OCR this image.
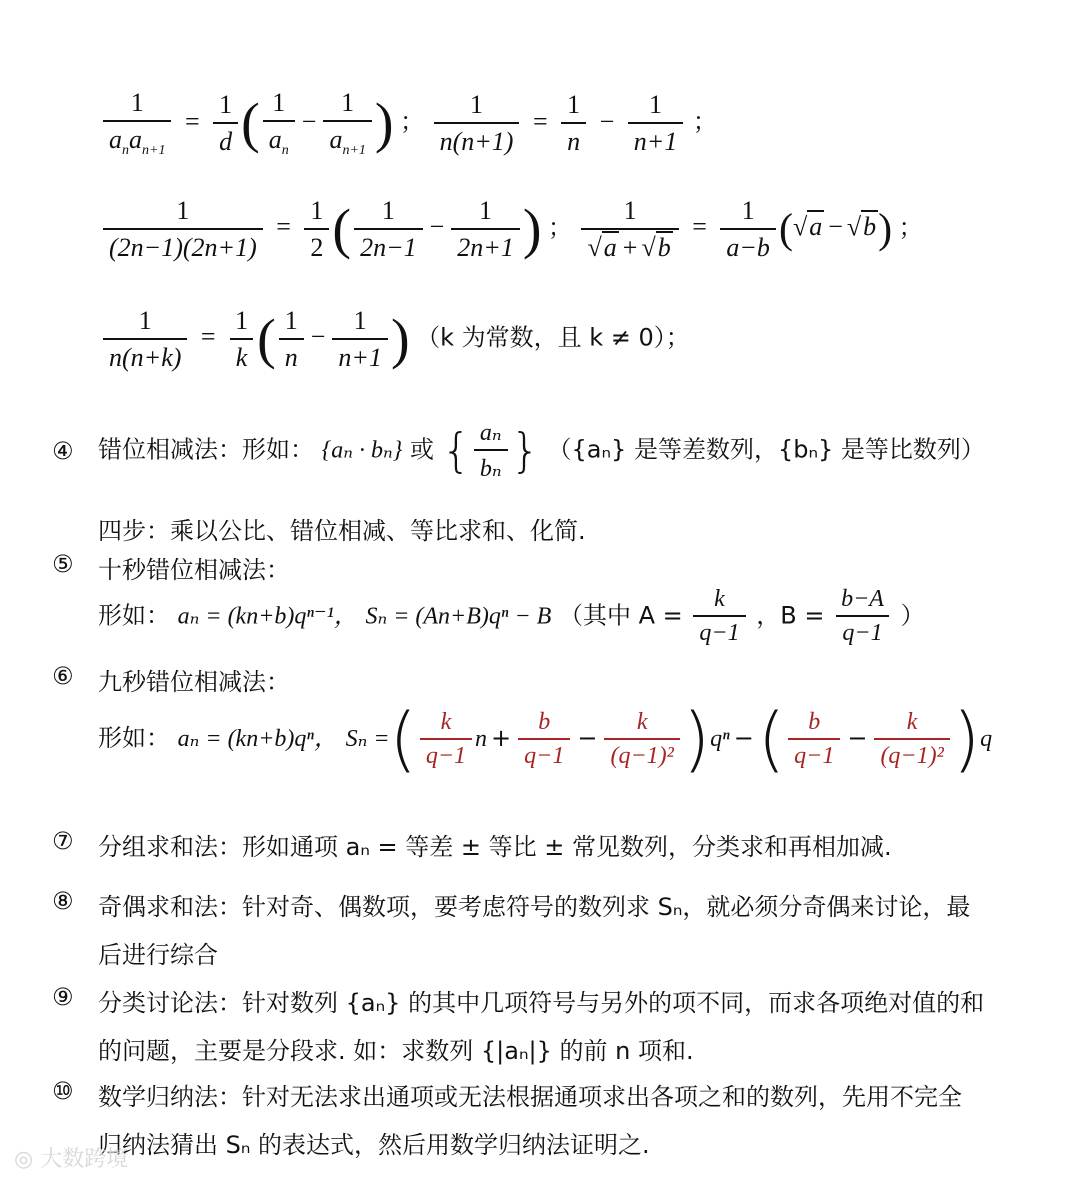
$\frac{1}{a_na_{n+1}} = \frac{1}{d}$ ( $\frac{1}{a_n} - \frac{1}{a_{n+1}}$ ) ； $\frac{1}{n(n+1)} = \frac{1}{n} - \frac{1}{n+1}$ ；
$\frac{1}{(2n-1)(2n+1)} = \frac{1}{2}$ ( $\frac{1}{2n-1} - \frac{1}{2n+1}$ ) ； $\frac{1}{√a + √b} = \frac{1}{a-b} (√a - √b)$ ；
$\frac{1}{n(n+k)} = \frac{1}{k}$ ( $\frac{1}{n} - \frac{1}{n+1}$ ) （k 为常数，且 k ≠ 0）；
④ 错位相减法：形如： {aₙ · bₙ} 或 { $\frac{\text{aₙ}}{\text{bₙ}}$ } （{aₙ} 是等差数列，{bₙ} 是等比数列）
四步：乘以公比、错位相减、等比求和、化简.
⑤ 十秒错位相减法：
形如： aₙ = (kn+b)qⁿ⁻¹， Sₙ = (An+B)qⁿ − B （其中 $A = \frac{k}{q-1}$ ，$B = \frac{b-A}{q-1}$ ）
⑥ 九秒错位相减法：
形如： aₙ = (kn+b)qⁿ， Sₙ =( $\frac{k}{q-1}$ $n + \frac{b}{q-1} - \frac{k}{\text{(q−1)²}} )q^n$ −( $\frac{b}{q-1} - \frac{k}{\text{(q−1)²}} )q$
⑦ 分组求和法：形如通项 aₙ = 等差 ± 等比 ± 常见数列，分类求和再相加减.
⑧ 奇偶求和法：针对奇、偶数项，要考虑符号的数列求 Sₙ，就必须分奇偶来讨论，最
后进行综合
⑨ 分类讨论法：针对数列 {aₙ} 的其中几项符号与另外的项不同，而求各项绝对值的和
的问题，主要是分段求. 如：求数列 {|aₙ|} 的前 n 项和.
⑩ 数学归纳法：针对无法求出通项或无法根据通项求出各项之和的数列，先用不完全
归纳法猜出 Sₙ 的表达式，然后用数学归纳法证明之.
◎ 大数跨境
